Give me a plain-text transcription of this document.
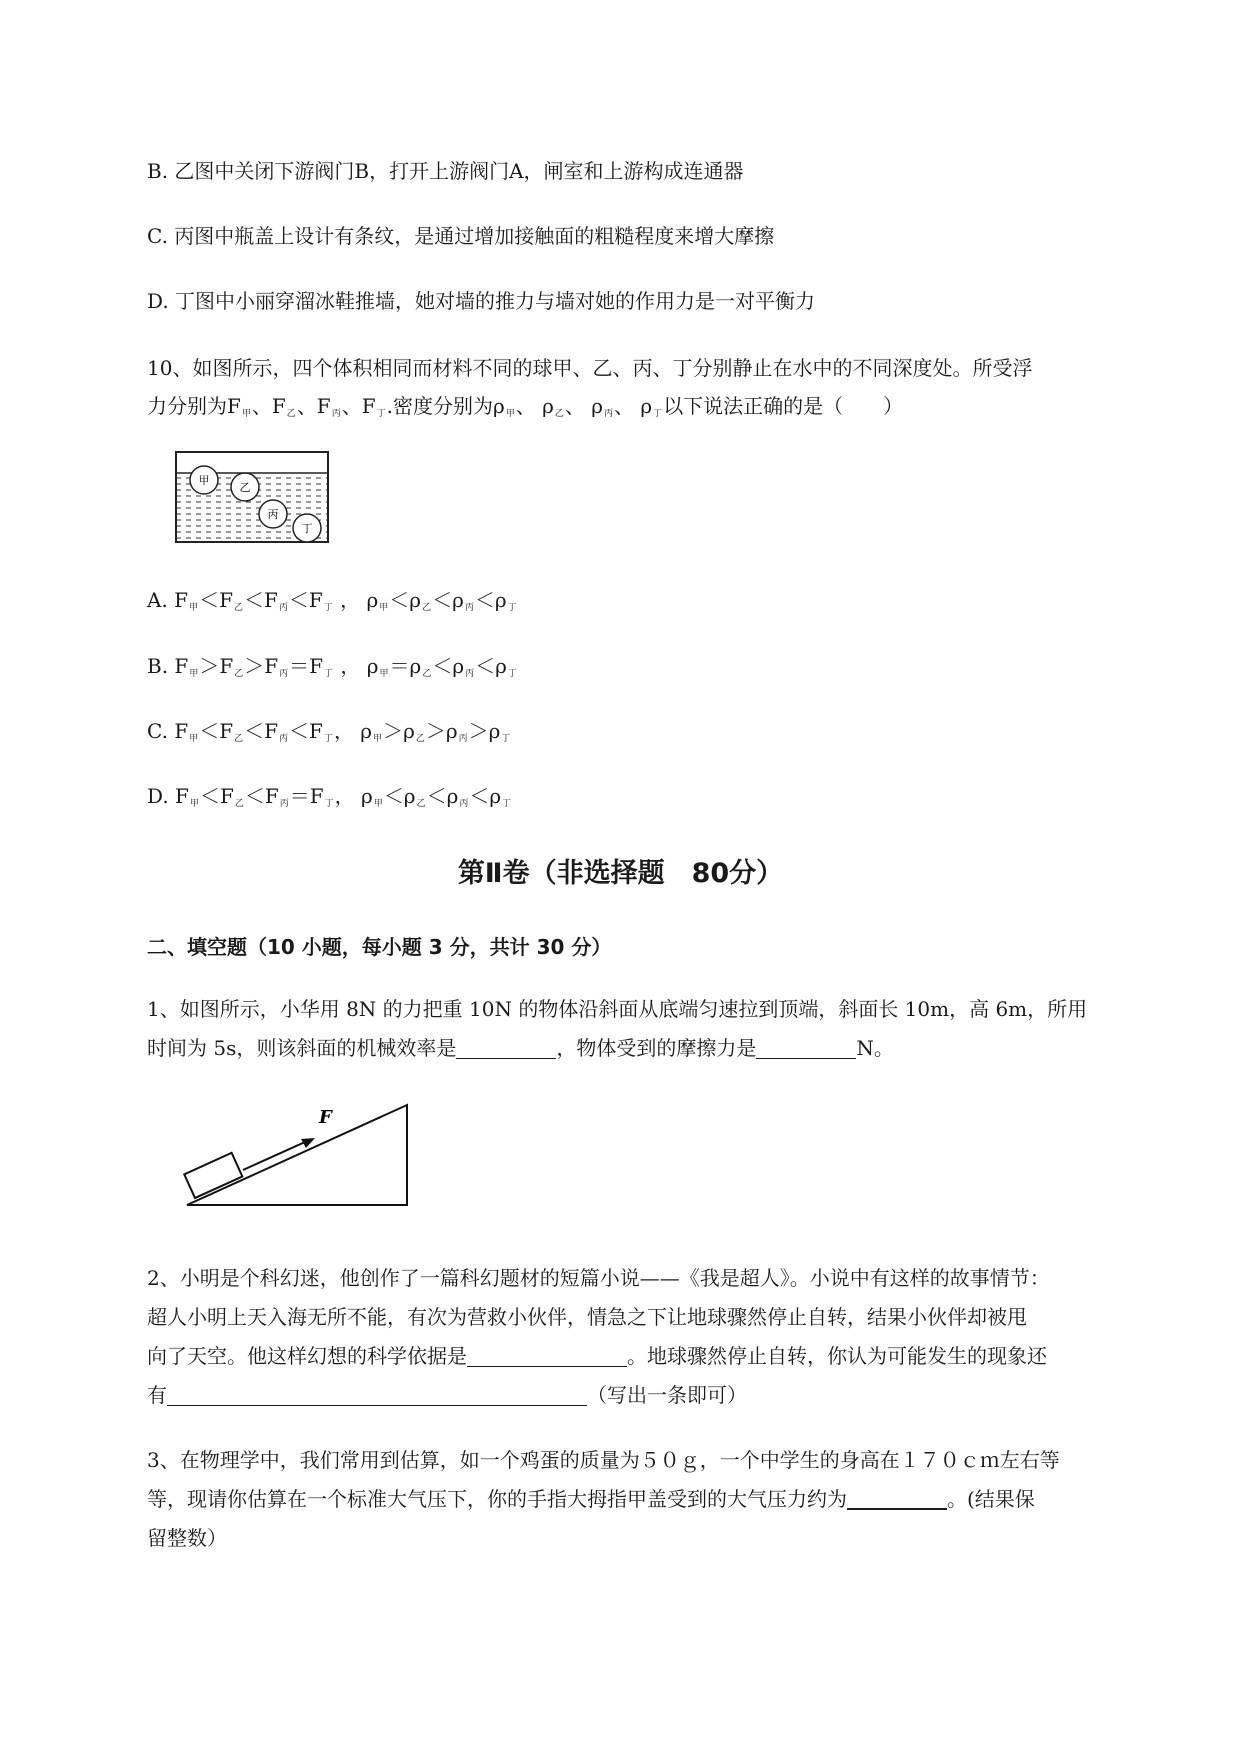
B. 乙图中关闭下游阀门B，打开上游阀门A，闸室和上游构成连通器
C. 丙图中瓶盖上设计有条纹，是通过增加接触面的粗糙程度来增大摩擦
D. 丁图中小丽穿溜冰鞋推墙，她对墙的推力与墙对她的作用力是一对平衡力
10、如图所示，四个体积相同而材料不同的球甲、乙、丙、丁分别静止在水中的不同深度处。所受浮
力分别为$F_甲$、$F_乙$、$F_丙$、$F_丁$.密度分别为$\rho_甲$、 $\rho_乙$、 $\rho_丙$、 $\rho_丁$以下说法正确的是（　　）
甲
乙
丙
丁
A. $F_甲<F_乙<F_丙<F_丁$ ， $\rho_甲<\rho_乙<\rho_丙<\rho_丁$
B. $F_甲>F_乙>F_丙=F_丁$ ， $\rho_甲=\rho_乙<\rho_丙<\rho_丁$
C. $F_甲<F_乙<F_丙<F_丁$， $\rho_甲>\rho_乙>\rho_丙>\rho_丁$
D. $F_甲<F_乙<F_丙=F_丁$， $\rho_甲<\rho_乙<\rho_丙<\rho_丁$
第Ⅱ卷（非选择题　80分）
二、填空题（10 小题，每小题 3 分，共计 30 分）
1、如图所示，小华用 8N 的力把重 10N 的物体沿斜面从底端匀速拉到顶端，斜面长 10m，高 6m，所用
时间为 5s，则该斜面的机械效率是	，物体受到的摩擦力是	N。
F
2、小明是个科幻迷，他创作了一篇科幻题材的短篇小说——《我是超人》。小说中有这样的故事情节：
超人小明上天入海无所不能，有次为营救小伙伴，情急之下让地球骤然停止自转，结果小伙伴却被甩
向了天空。他这样幻想的科学依据是	。地球骤然停止自转，你认为可能发生的现象还
有	（写出一条即可）
3、在物理学中，我们常用到估算，如一个鸡蛋的质量为５０ｇ，一个中学生的身高在１７０ｃｍ左右等
等，现请你估算在一个标准大气压下，你的手指大拇指甲盖受到的大气压力约为	。(结果保
留整数）
